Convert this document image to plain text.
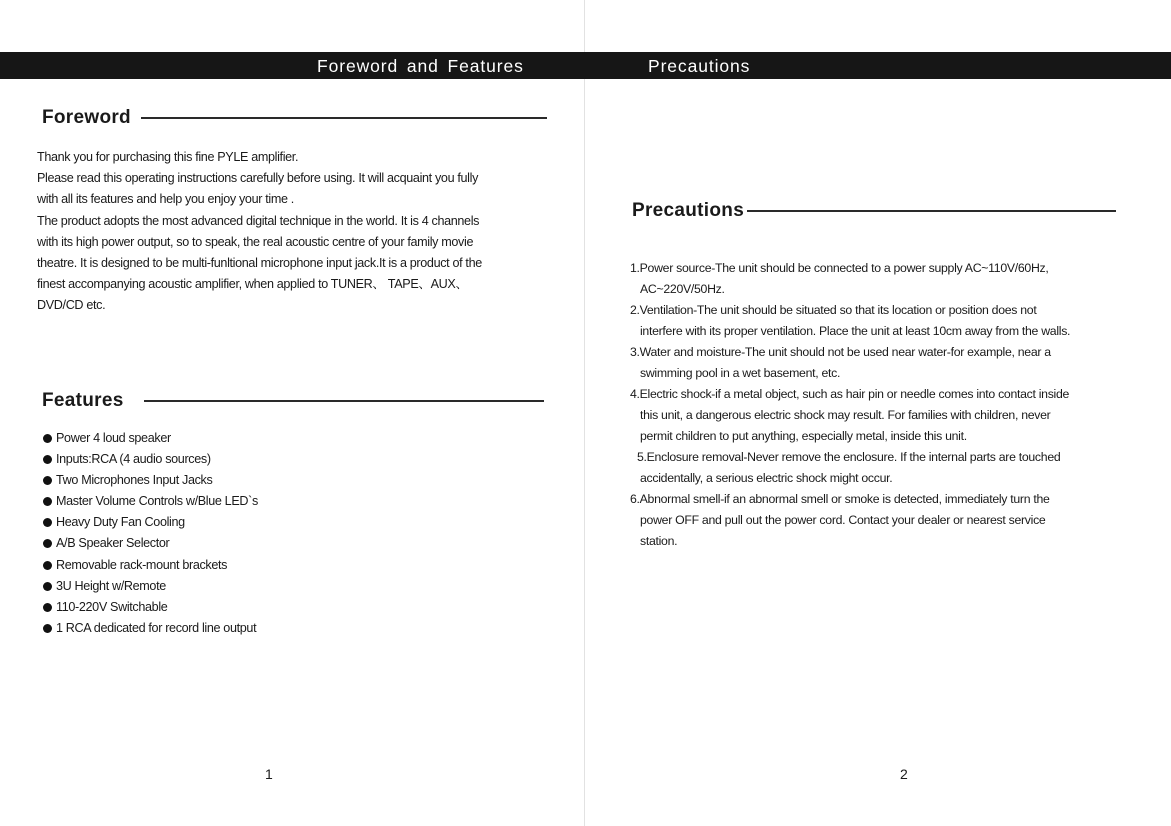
Foreword and Features	Precautions
Foreword

Thank you for purchasing this fine PYLE amplifier.

Please read this operating instructions carefully before using. It will acquaint you fully

with all its features and help you enjoy your time .

The product adopts the most advanced digital technique in the world. It is 4 channels

with its high power output, so to speak, the real acoustic centre of your family movie

theatre. It is designed to be multi-funltional microphone input jack.It is a product of the

finest accompanying acoustic amplifier, when applied to TUNER、 TAPE、AUX、

DVD/CD etc.

Features
Power 4 loud speaker
Inputs:RCA (4 audio sources)
Two Microphones Input Jacks
Master Volume Controls w/Blue LED`s
Heavy Duty Fan Cooling
A/B Speaker Selector
Removable rack-mount brackets
3U Height w/Remote
110-220V Switchable
1 RCA dedicated for record line output
1
Precautions
1.Power source-The unit should be connected to a power supply AC~110V/60Hz,
AC~220V/50Hz.
2.Ventilation-The unit should be situated so that its location or position does not
interfere with its proper ventilation. Place the unit at least 10cm away from the walls.
3.Water and moisture-The unit should not be used near water-for example, near a
swimming pool in a wet basement, etc.
4.Electric shock-if a metal object, such as hair pin or needle comes into contact inside
this unit, a dangerous electric shock may result. For families with children, never
permit children to put anything, especially metal, inside this unit.
5.Enclosure removal-Never remove the enclosure. If the internal parts are touched
accidentally, a serious electric shock might occur.
6.Abnormal smell-if an abnormal smell or smoke is detected, immediately turn the
power OFF and pull out the power cord. Contact your dealer or nearest service
station.
2
